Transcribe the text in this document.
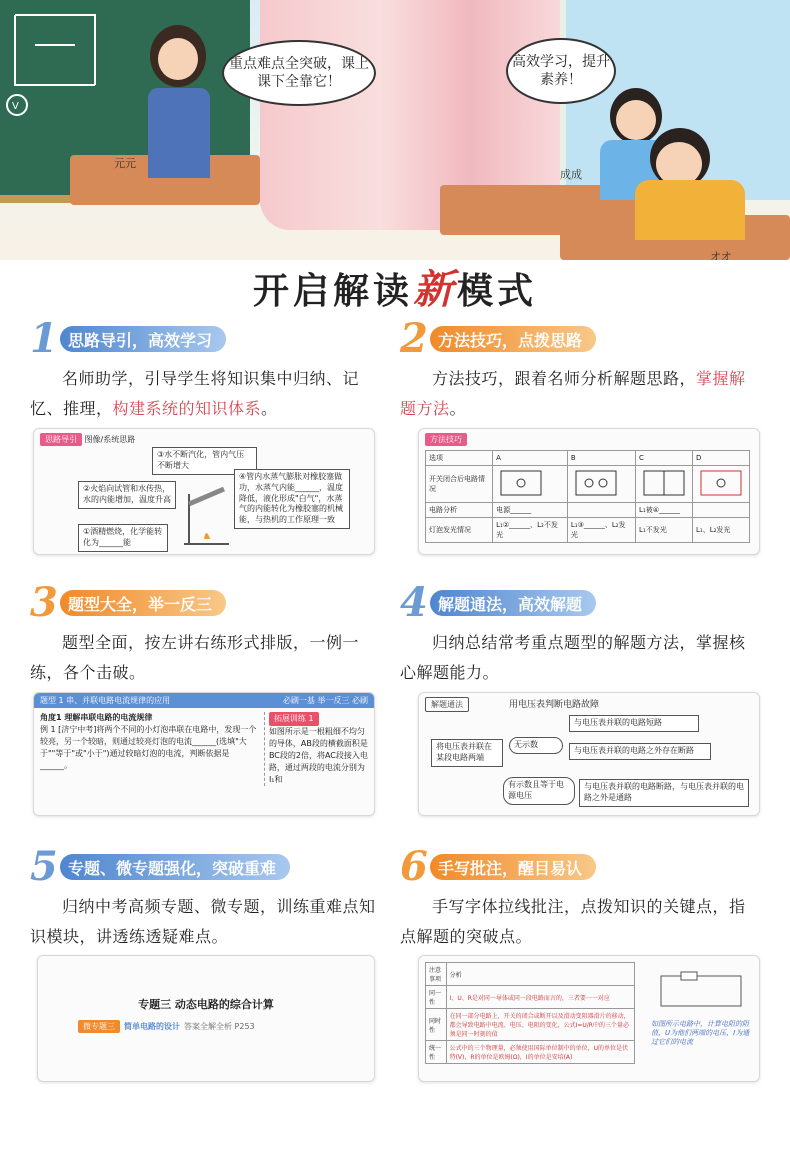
V
重点难点全突破，课上课下全靠它！
高效学习，提升素养！
元元
成成
オオ
开启解读新模式
1 思路导引，高效学习
名师助学，引导学生将知识集中归纳、记忆、推理，构建系统的知识体系。
思路导引 图像/系统思路
③水不断汽化，管内气压不断增大
②火焰向试管和水传热，水的内能增加，温度升高
①酒精燃烧，化学能转化为______能
④管内水蒸气膨胀对橡胶塞做功，水蒸气内能______，温度降低，液化形成"白气"，水蒸气的内能转化为橡胶塞的机械能，与热机的工作原理一致
2 方法技巧，点拨思路
方法技巧，跟着名师分析解题思路，掌握解题方法。
方法技巧
选项	A	B	C	D
开关闭合后电路情况				
电路分析	电源______		L₁被④______	
灯泡发光情况	L₁②______、L₂不发光	L₁③______、L₂发光	L₁不发光	L₁、L₂发光
3 题型大全，举一反三
题型全面，按左讲右练形式排版，一例一练，各个击破。
题型 1 串、并联电路电流规律的应用	必刷一基 举一反三 必刷
角度1 理解串联电路的电流规律
例 1 [济宁中考]将两个不同的小灯泡串联在电路中，发现一个较亮，另一个较暗，则通过较亮灯泡的电流______(选填"大于""等于"或"小于")通过较暗灯泡的电流，判断依据是______。
拓展训练 1
如图所示是一根粗细不均匀的导体，AB段的横截面积是BC段的2倍，将AC段接入电路，通过两段的电流分别为I₁和
4 解题通法，高效解题
归纳总结常考重点题型的解题方法，掌握核心解题能力。
解题通法	用电压表判断电路故障
将电压表并联在某段电路两端
无示数
有示数且等于电源电压
与电压表并联的电路短路
与电压表并联的电路之外存在断路
与电压表并联的电路断路，与电压表并联的电路之外是通路
5 专题、微专题强化，突破重难
归纳中考高频专题、微专题，训练重难点知识模块，讲透练透疑难点。
专题三 动态电路的综合计算
微专题三	简单电路的设计 答案全解全析 P253
6 手写批注，醒目易认
手写字体拉线批注，点拨知识的关键点，指点解题的突破点。
注意事项	分析
同一性	I、U、R是对同一导体或同一段电路而言的，三者要一一对应
同时性	在同一部分电路上，开关的闭合或断开以及滑动变阻器滑片的移动，都会导致电路中电流、电压、电阻的变化，公式I=U/R中的三个量必须是同一时刻的值
统一性	公式中的三个物理量，必须使用国际单位制中的单位，U的单位是伏特(V)，R的单位是欧姆(Ω)，I的单位是安培(A)
如图所示电路中，计算电阻的阻值，U为他们两端的电压，I为通过它们的电流
